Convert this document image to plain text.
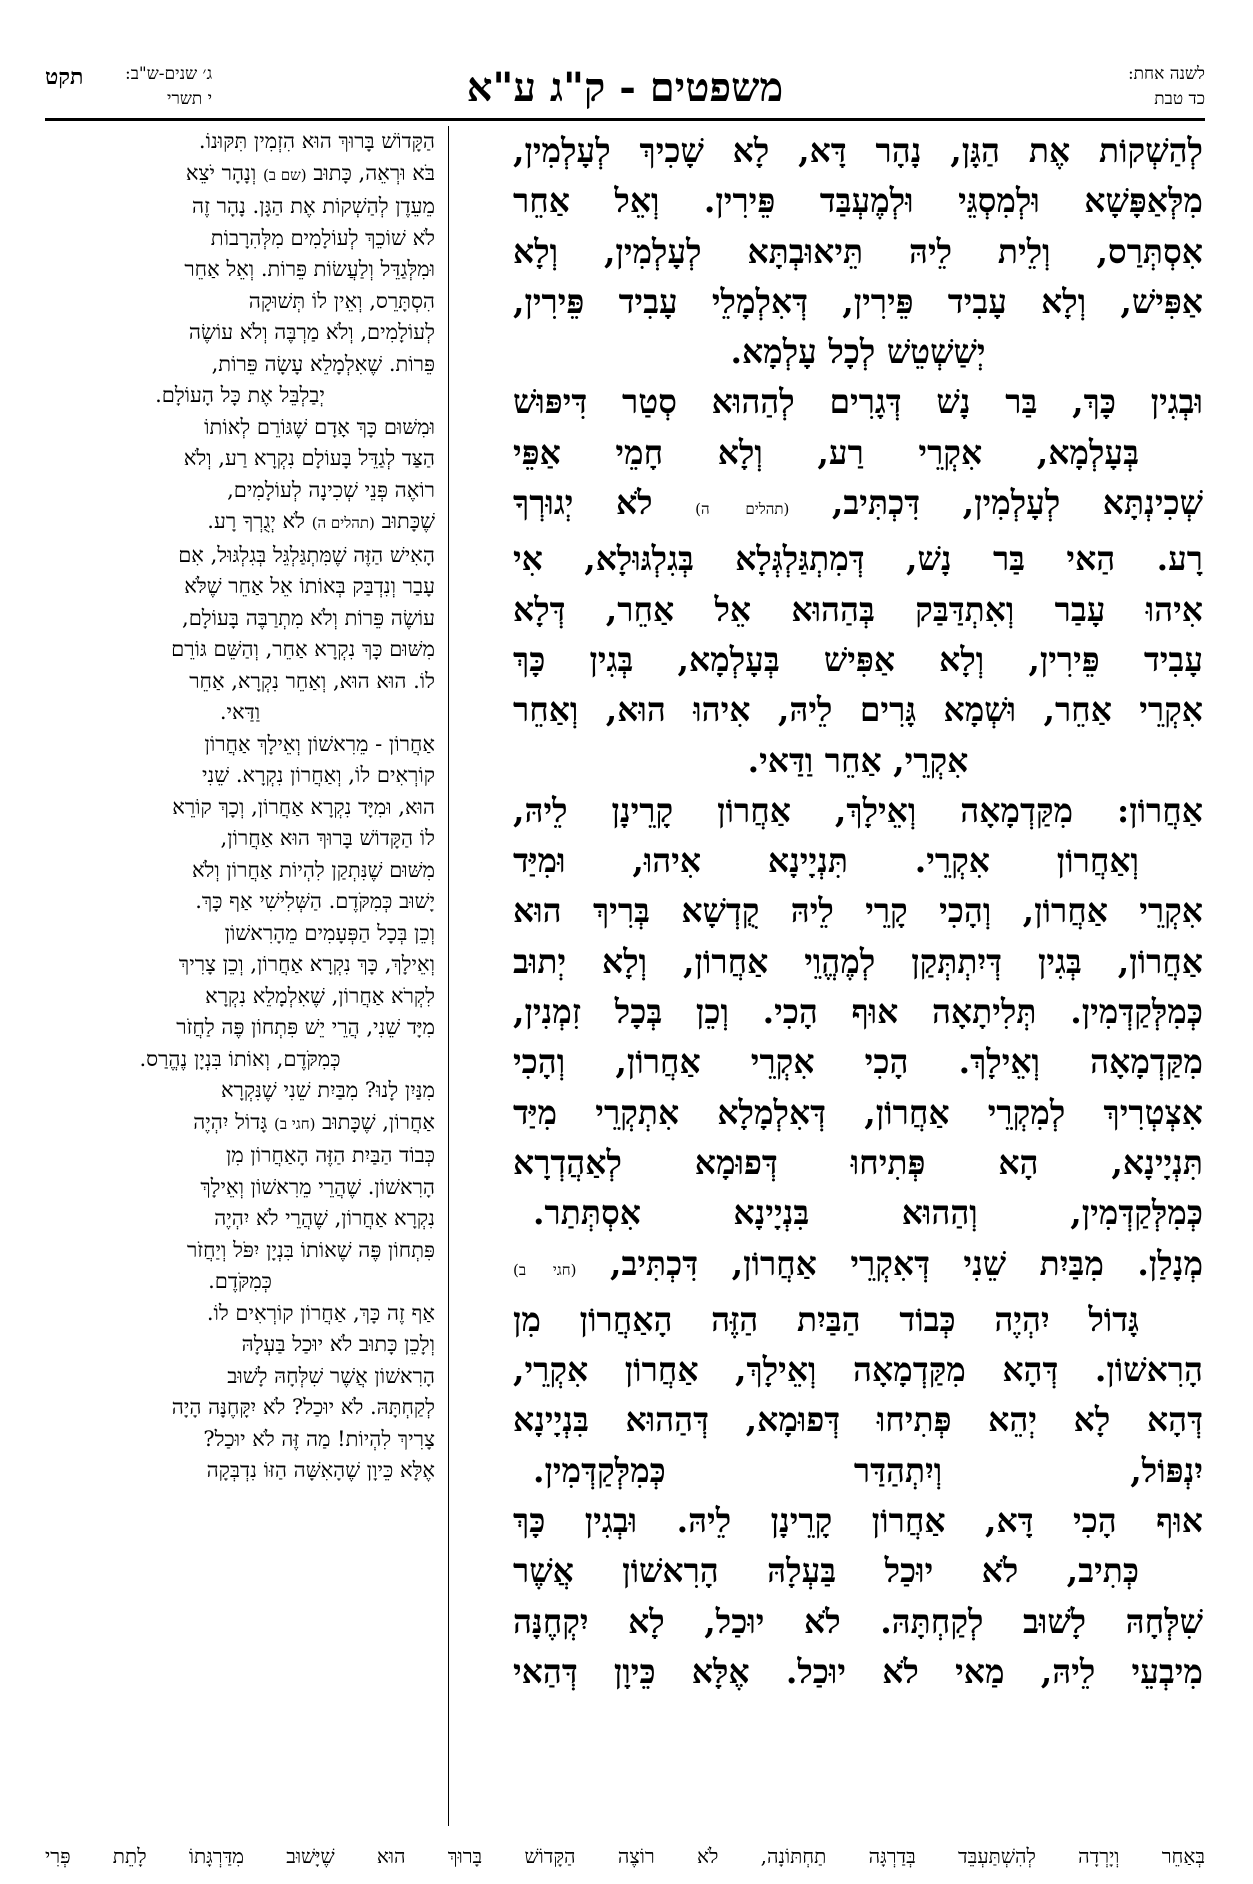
לשנה אחת:
כד טבת
משפטים - ק"ג ע"א
ג׳ שנים-ש"ב:
י תשרי
תקט

לְהַשְׁקוֹת אֶת הַגָּן, נָהָר דָּא, לָא שָׁכִיךְ לְעָלְמִין,

מִלְּאַפָּשָׁא וּלְמִסְגֵּי וּלְמֶעְבַּד פֵּירִין. וְאֵל אַחֵר

אִסְתְּרַס, וְלֵית לֵיהּ תֵּיאוּבְתָּא לְעָלְמִין, וְלָא

אַפִּישׁ, וְלָא עָבִיד פֵּירִין, דְּאִלְמָלֵי עָבִיד פֵּירִין,

יְשַׁשְׁטֵשׁ לְכָל עָלְמָא.

וּבְגִין כָּךְ, בַּר נָשׁ דְּגָרִים לְהַהוּא סְטַר דִּיפּוּשׁ

בְּעָלְמָא, אִקְרֵי רַע, וְלָא חָמֵי אַפֵּי

שְׁכִינְתָּא לְעָלְמִין, דִּכְתִּיב, (תהלים ה) לֹא יְגוּרְךָ

רָע. הַאי בַּר נָשׁ, דְּמִתְגַּלְגְּלָא בְּגִלְגּוּלָא, אִי

אִיהוּ עָבַר וְאִתְדַּבַּק בְּהַהוּא אֵל אַחֵר, דְּלָא

עָבִיד פֵּירִין, וְלָא אַפִּישׁ בְּעָלְמָא, בְּגִין כָּךְ

אִקְרֵי אַחֵר, וּשְׁמָא גָּרִים לֵיהּ, אִיהוּ הוּא, וְאַחֵר

אִקְרֵי, אַחֵר וַדַּאי.

אַחֲרוֹן: מִקַּדְמָאָה וְאֵילָךְ, אַחֲרוֹן קָרֵינָן לֵיהּ,

וְאַחֲרוֹן אִקְרֵי. תִּנְיָינָא אִיהוּ, וּמִיַּד

אִקְרֵי אַחֲרוֹן, וְהָכִי קָרֵי לֵיהּ קֻדְשָׁא בְּרִיךְ הוּא

אַחֲרוֹן, בְּגִין דְּיִתְתְּקַן לְמֶהֱוֵי אַחֲרוֹן, וְלָא יְתוּב

כְּמִלְּקַדְּמִין. תְּלִיתָאָה אוּף הָכִי. וְכֵן בְּכָל זִמְנִין,

מִקַּדְמָאָה וְאֵילָךְ. הָכִי אִקְרֵי אַחֲרוֹן, וְהָכִי

אִצְטְרִיךְ לְמִקְרֵי אַחֲרוֹן, דְּאִלְמָלָא אִתְקְרֵי מִיַּד

תִּנְיָינָא, הָא פְּתִיחוּ דְּפוּמָא לְאַהֲדְרָא

כְּמִלְּקַדְּמִין, וְהַהוּא בִּנְיָינָא אִסְתְּתַר.

מְנָלַן. מִבַּיִת שֵׁנִי דְּאִקְרֵי אַחֲרוֹן, דִּכְתִּיב, (חגי ב)

גָּדוֹל יִהְיֶה כְּבוֹד הַבַּיִת הַזֶּה הָאַחֲרוֹן מִן

הָרִאשׁוֹן. דְּהָא מִקַּדְמָאָה וְאֵילָךְ, אַחֲרוֹן אִקְרֵי,

דְּהָא לָא יְהֵא פְּתִיחוּ דְּפוּמָא, דְּהַהוּא בִּנְיָינָא

יִנְפּוֹל, וְיִתְהַדַּר כְּמִלְּקַדְּמִין.

אוּף הָכִי דָּא, אַחֲרוֹן קָרֵינָן לֵיהּ. וּבְגִין כָּךְ

כְּתִיב, לֹא יוּכַל בַּעְלָהּ הָרִאשׁוֹן אֲשֶׁר

שִׁלְּחָהּ לָשׁוּב לְקַחְתָּהּ. לֹא יוּכַל, לָא יִקְחֶנָּה

מִיבְעֵי לֵיהּ, מַאי לֹא יוּכַל. אֶלָּא כֵּיוָן דְּהַאי

הַקָּדוֹשׁ בָּרוּךְ הוּא הִזְמִין תִּקּוּנוֹ.

בֹּא וּרְאֵה, כָּתוּב (שם ב) וְנָהָר יֹצֵא

מֵעֵדֶן לְהַשְׁקוֹת אֶת הַגָּן. נָהָר זֶה

לֹא שׁוֹכֵךְ לְעוֹלָמִים מִלְּהִרָבוֹת

וּמִלְּגַדֵּל וְלַעֲשׂוֹת פֵּרוֹת. וְאֵל אַחֵר

הִסְתָּרֵס, וְאֵין לוֹ תְּשׁוּקָה

לְעוֹלָמִים, וְלֹא מַרְבֶּה וְלֹא עוֹשֶׂה

פֵּרוֹת. שֶׁאִלְמָלֵא עָשָׂה פֵּרוֹת,

יְבַלְבֵּל אֶת כָּל הָעוֹלָם.

וּמִשּׁוּם כָּךְ אָדָם שֶׁגּוֹרֵם לְאוֹתוֹ

הַצַּד לְגַדֵּל בָּעוֹלָם נִקְרָא רַע, וְלֹא

רוֹאֶה פְּנֵי שְׁכִינָה לְעוֹלָמִים,

שֶׁכָּתוּב (תהלים ה) לֹא יְגֻרְךָ רָע.

הָאִישׁ הַזֶּה שֶׁמִּתְגַּלְגֵּל בְּגִלְגּוּל, אִם

עָבַר וְנִדְבַּק בְּאוֹתוֹ אֵל אַחֵר שֶׁלֹּא

עוֹשֶׂה פֵּרוֹת וְלֹא מִתְרַבֶּה בָּעוֹלָם,

מִשּׁוּם כָּךְ נִקְרָא אַחֵר, וְהַשֵּׁם גּוֹרֵם

לוֹ. הוּא הוּא, וְאַחֵר נִקְרָא, אַחֵר

וַדַּאי.

אַחֲרוֹן - מֵרִאשׁוֹן וְאֵילָךְ אַחֲרוֹן

קוֹרְאִים לוֹ, וְאַחֲרוֹן נִקְרָא. שֵׁנִי

הוּא, וּמִיָּד נִקְרָא אַחֲרוֹן, וְכָךְ קוֹרֵא

לוֹ הַקָּדוֹשׁ בָּרוּךְ הוּא אַחֲרוֹן,

מִשּׁוּם שֶׁנִּתְקַן לִהְיוֹת אַחֲרוֹן וְלֹא

יָשׁוּב כְּמִקֹּדֶם. הַשְּׁלִישִׁי אַף כָּךְ.

וְכֵן בְּכָל הַפְּעָמִים מֵהָרִאשׁוֹן

וְאֵילָךְ, כָּךְ נִקְרָא אַחֲרוֹן, וְכֵן צָרִיךְ

לִקְרֹא אַחֲרוֹן, שֶׁאִלְמָלֵא נִקְרָא

מִיָּד שֵׁנִי, הֲרֵי יֵשׁ פִּתְחוֹן פֶּה לַחֲזֹר

כְּמִקֹּדֶם, וְאוֹתוֹ בִּנְיָן נֶהֱרַס.

מִנַּיִן לָנוּ? מִבַּיִת שֵׁנִי שֶׁנִּקְרָא

אַחֲרוֹן, שֶׁכָּתוּב (חגי ב) גָּדוֹל יִהְיֶה

כְּבוֹד הַבַּיִת הַזֶּה הָאַחֲרוֹן מִן

הָרִאשׁוֹן. שֶׁהֲרֵי מֵרִאשׁוֹן וְאֵילָךְ

נִקְרָא אַחֲרוֹן, שֶׁהֲרֵי לֹא יִהְיֶה

פִּתְחוֹן פֶּה שֶׁאוֹתוֹ בִּנְיָן יִפֹּל וְיַחֲזֹר

כְּמִקֹּדֶם.

אַף זֶה כָּךְ, אַחֲרוֹן קוֹרְאִים לוֹ.

וְלָכֵן כָּתוּב לֹא יוּכַל בַּעְלָהּ

הָרִאשׁוֹן אֲשֶׁר שִׁלְּחָהּ לָשׁוּב

לְקַחְתָּהּ. לֹא יוּכַל? לֹא יִקָּחֶנָּה הָיָה

צָרִיךְ לִהְיוֹת! מַה זֶּה לֹא יוּכַל?

אֶלָּא כֵּיוָן שֶׁהָאִשָּׁה הַזּוֹ נִדְבְּקָה

בְּאַחֵר וְיָרְדָה לְהִשְׁתַּעְבֵּד בְּדַרְגָּה תַחְתּוֹנָה, לֹא רוֹצֶה הַקָּדוֹשׁ בָּרוּךְ הוּא שֶׁיָּשׁוּב מִדַּרְגָּתוֹ לָתֵת פְּרִי
